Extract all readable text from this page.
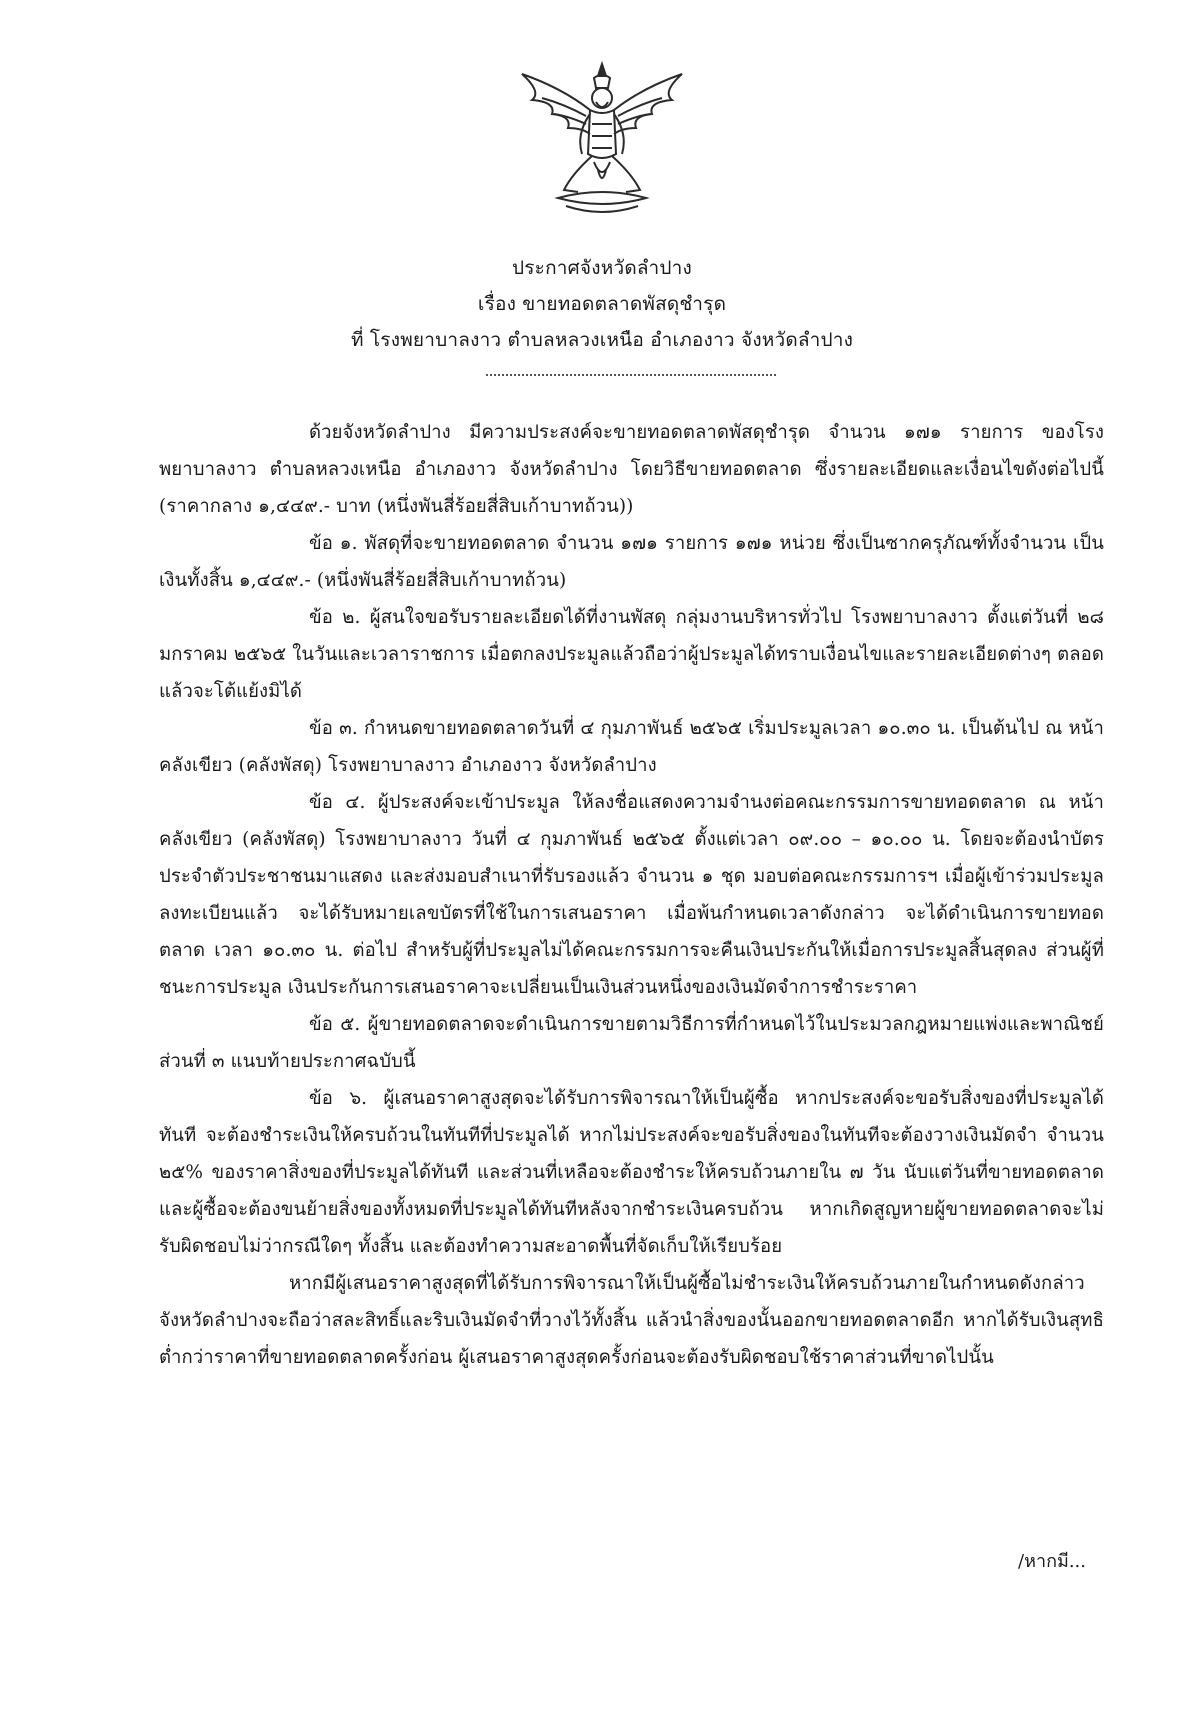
ประกาศจังหวัดลำปาง
เรื่อง ขายทอดตลาดพัสดุชำรุด
ที่ โรงพยาบาลงาว ตำบลหลวงเหนือ อำเภองาว จังหวัดลำปาง

ด้วยจังหวัดลำปาง มีความประสงค์จะขายทอดตลาดพัสดุชำรุด จำนวน ๑๗๑ รายการ ของโรงพยาบาลงาว ตำบลหลวงเหนือ อำเภองาว จังหวัดลำปาง โดยวิธีขายทอดตลาด ซึ่งรายละเอียดและเงื่อนไขดังต่อไปนี้ (ราคากลาง ๑,๔๔๙.- บาท (หนึ่งพันสี่ร้อยสี่สิบเก้าบาทถ้วน))

ข้อ ๑. พัสดุที่จะขายทอดตลาด จำนวน ๑๗๑ รายการ ๑๗๑ หน่วย ซึ่งเป็นซากครุภัณฑ์ทั้งจำนวน เป็นเงินทั้งสิ้น ๑,๔๔๙.- (หนึ่งพันสี่ร้อยสี่สิบเก้าบาทถ้วน)

ข้อ ๒. ผู้สนใจขอรับรายละเอียดได้ที่งานพัสดุ กลุ่มงานบริหารทั่วไป โรงพยาบาลงาว ตั้งแต่วันที่ ๒๘ มกราคม ๒๕๖๕ ในวันและเวลาราชการ เมื่อตกลงประมูลแล้วถือว่าผู้ประมูลได้ทราบเงื่อนไขและรายละเอียดต่างๆ ตลอดแล้วจะโต้แย้งมิได้

ข้อ ๓. กำหนดขายทอดตลาดวันที่ ๔ กุมภาพันธ์ ๒๕๖๕ เริ่มประมูลเวลา ๑๐.๓๐ น. เป็นต้นไป ณ หน้าคลังเขียว (คลังพัสดุ) โรงพยาบาลงาว อำเภองาว จังหวัดลำปาง

ข้อ ๔. ผู้ประสงค์จะเข้าประมูล ให้ลงชื่อแสดงความจำนงต่อคณะกรรมการขายทอดตลาด ณ หน้าคลังเขียว (คลังพัสดุ) โรงพยาบาลงาว วันที่ ๔ กุมภาพันธ์ ๒๕๖๕ ตั้งแต่เวลา ๐๙.๐๐ – ๑๐.๐๐ น. โดยจะต้องนำบัตรประจำตัวประชาชนมาแสดง และส่งมอบสำเนาที่รับรองแล้ว จำนวน ๑ ชุด มอบต่อคณะกรรมการฯ เมื่อผู้เข้าร่วมประมูลลงทะเบียนแล้ว จะได้รับหมายเลขบัตรที่ใช้ในการเสนอราคา เมื่อพ้นกำหนดเวลาดังกล่าว จะได้ดำเนินการขายทอดตลาด เวลา ๑๐.๓๐ น. ต่อไป สำหรับผู้ที่ประมูลไม่ได้คณะกรรมการจะคืนเงินประกันให้เมื่อการประมูลสิ้นสุดลง ส่วนผู้ที่ชนะการประมูล เงินประกันการเสนอราคาจะเปลี่ยนเป็นเงินส่วนหนึ่งของเงินมัดจำการชำระราคา

ข้อ ๕. ผู้ขายทอดตลาดจะดำเนินการขายตามวิธีการที่กำหนดไว้ในประมวลกฎหมายแพ่งและพาณิชย์ส่วนที่ ๓ แนบท้ายประกาศฉบับนี้

ข้อ ๖. ผู้เสนอราคาสูงสุดจะได้รับการพิจารณาให้เป็นผู้ซื้อ หากประสงค์จะขอรับสิ่งของที่ประมูลได้ทันที จะต้องชำระเงินให้ครบถ้วนในทันทีที่ประมูลได้ หากไม่ประสงค์จะขอรับสิ่งของในทันทีจะต้องวางเงินมัดจำ จำนวน ๒๕% ของราคาสิ่งของที่ประมูลได้ทันที และส่วนที่เหลือจะต้องชำระให้ครบถ้วนภายใน ๗ วัน นับแต่วันที่ขายทอดตลาดและผู้ซื้อจะต้องขนย้ายสิ่งของทั้งหมดที่ประมูลได้ทันทีหลังจากชำระเงินครบถ้วน หากเกิดสูญหายผู้ขายทอดตลาดจะไม่รับผิดชอบไม่ว่ากรณีใดๆ ทั้งสิ้น และต้องทำความสะอาดพื้นที่จัดเก็บให้เรียบร้อย

หากมีผู้เสนอราคาสูงสุดที่ได้รับการพิจารณาให้เป็นผู้ซื้อไม่ชำระเงินให้ครบถ้วนภายในกำหนดดังกล่าว จังหวัดลำปางจะถือว่าสละสิทธิ์และริบเงินมัดจำที่วางไว้ทั้งสิ้น แล้วนำสิ่งของนั้นออกขายทอดตลาดอีก หากได้รับเงินสุทธิต่ำกว่าราคาที่ขายทอดตลาดครั้งก่อน ผู้เสนอราคาสูงสุดครั้งก่อนจะต้องรับผิดชอบใช้ราคาส่วนที่ขาดไปนั้น

/หากมี...
